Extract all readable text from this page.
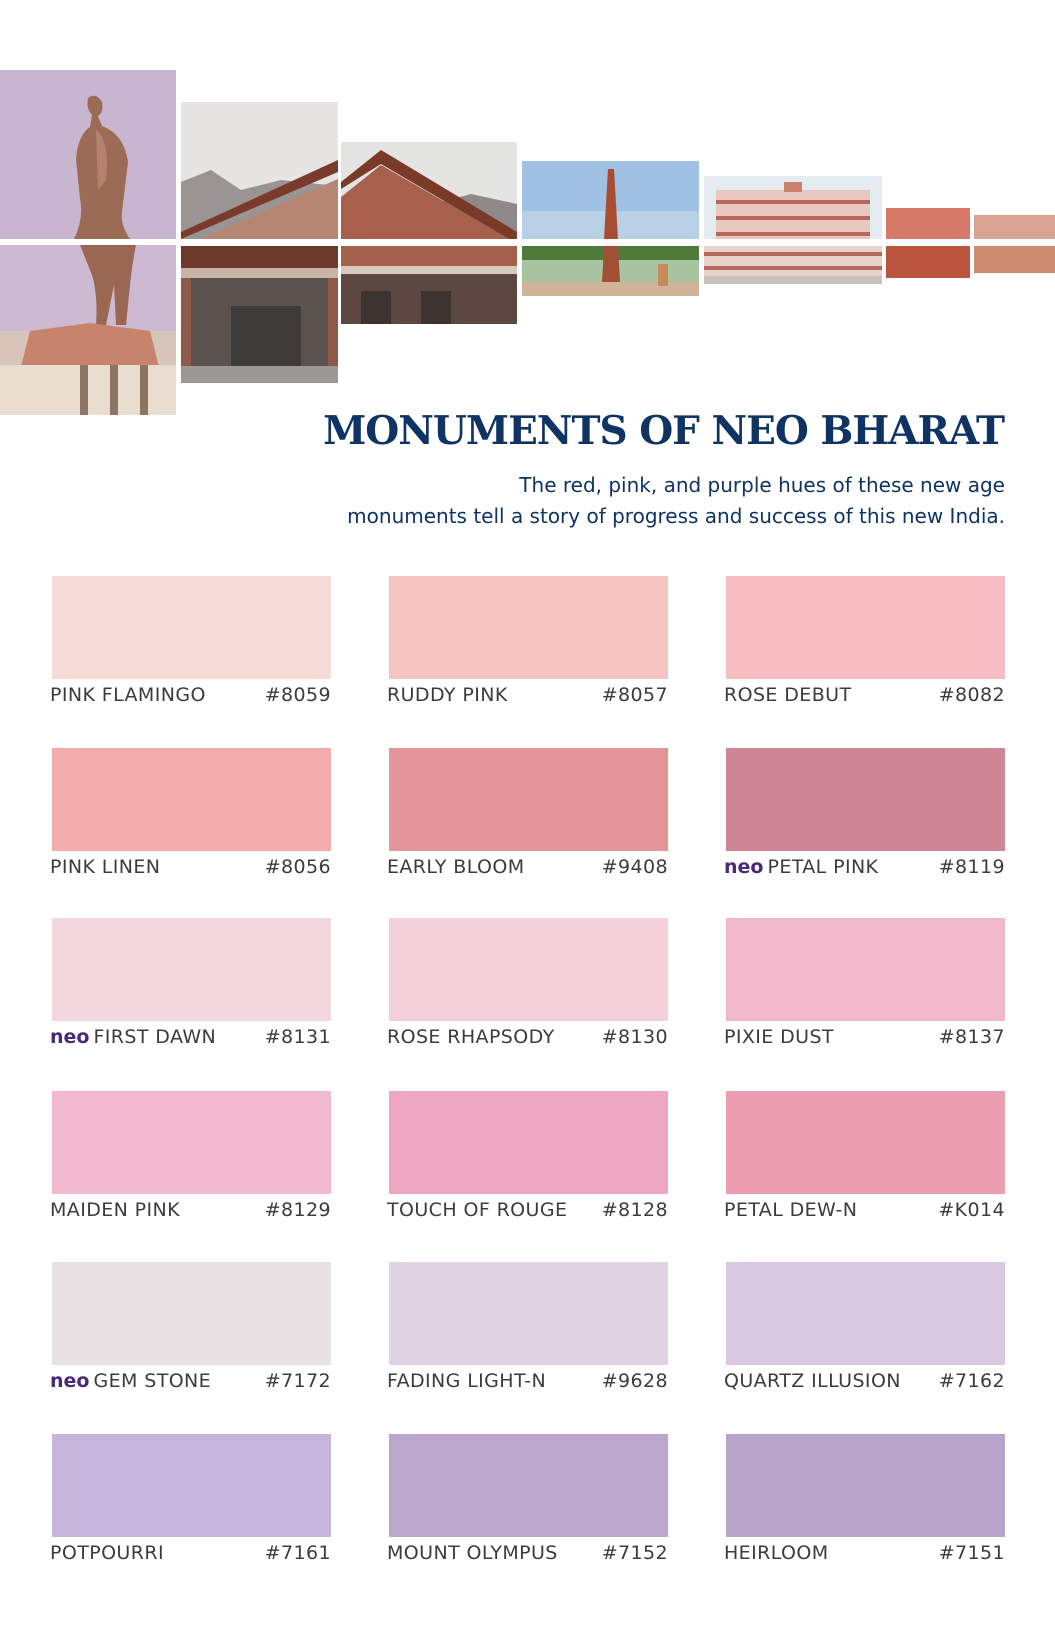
MONUMENTS OF NEO BHARAT

The red, pink, and purple hues of these new age
monuments tell a story of progress and success of this new India.

PINK FLAMINGO	#8059	RUDDY PINK	#8057	ROSE DEBUT	#8082
PINK LINEN	#8056	EARLY BLOOM	#9408	neo PETAL PINK	#8119
neo FIRST DAWN	#8131	ROSE RHAPSODY #8130	PIXIE DUST	#8137
MAIDEN PINK	#8129	TOUCH OF ROUGE #8128	PETAL DEW-N	#K014
neo GEM STONE	#7172	FADING LIGHT-N	#9628	QUARTZ ILLUSION #7162
POTPOURRI	#7161	MOUNT OLYMPUS #7152	HEIRLOOM	#7151
